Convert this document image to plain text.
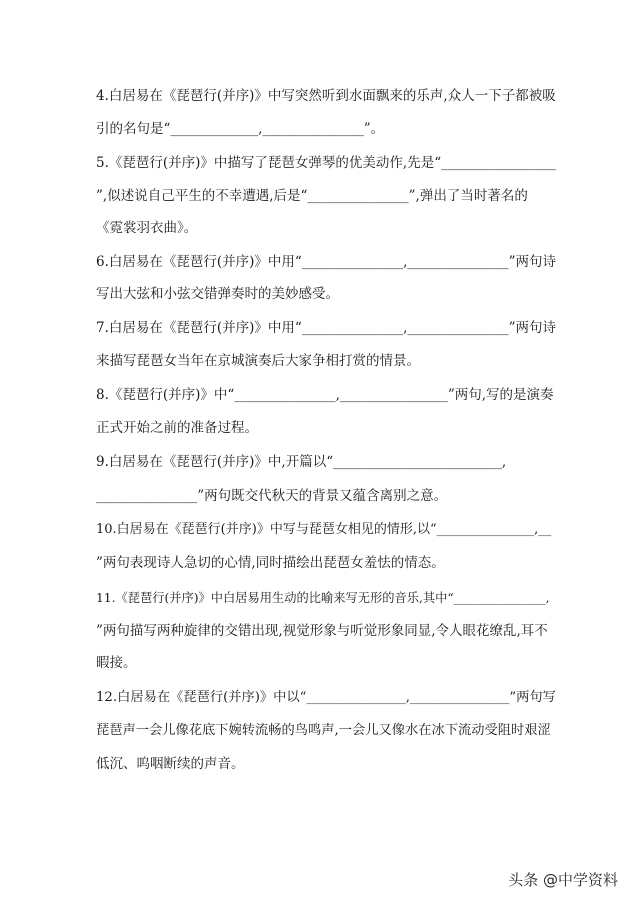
4.白居易在《琵琶行(并序)》中写突然听到水面飘来的乐声,众人一下子都被吸
引的名句是“_____________,_______________”。
5.《琵琶行(并序)》中描写了琵琶女弹琴的优美动作,先是“_________________
”,似述说自己平生的不幸遭遇,后是“_______________”,弹出了当时著名的
《霓裳羽衣曲》。
6.白居易在《琵琶行(并序)》中用“_______________,_______________”两句诗
写出大弦和小弦交错弹奏时的美妙感受。
7.白居易在《琵琶行(并序)》中用“_______________,_______________”两句诗
来描写琵琶女当年在京城演奏后大家争相打赏的情景。
8.《琵琶行(并序)》中“_______________,________________”两句,写的是演奏
正式开始之前的准备过程。
9.白居易在《琵琶行(并序)》中,开篇以“_________________________,
_______________”两句既交代秋天的背景又蕴含离别之意。
10.白居易在《琵琶行(并序)》中写与琵琶女相见的情形,以“_______________,__
”两句表现诗人急切的心情,同时描绘出琵琶女羞怯的情态。
11.《琵琶行(并序)》中白居易用生动的比喻来写无形的音乐,其中“_______________,
”两句描写两种旋律的交错出现,视觉形象与听觉形象同显,令人眼花缭乱,耳不
暇接。
12.白居易在《琵琶行(并序)》中以“_______________,_______________”两句写
琵琶声一会儿像花底下婉转流畅的鸟鸣声,一会儿又像水在冰下流动受阻时艰涩
低沉、呜咽断续的声音。
头条 @中学资料
